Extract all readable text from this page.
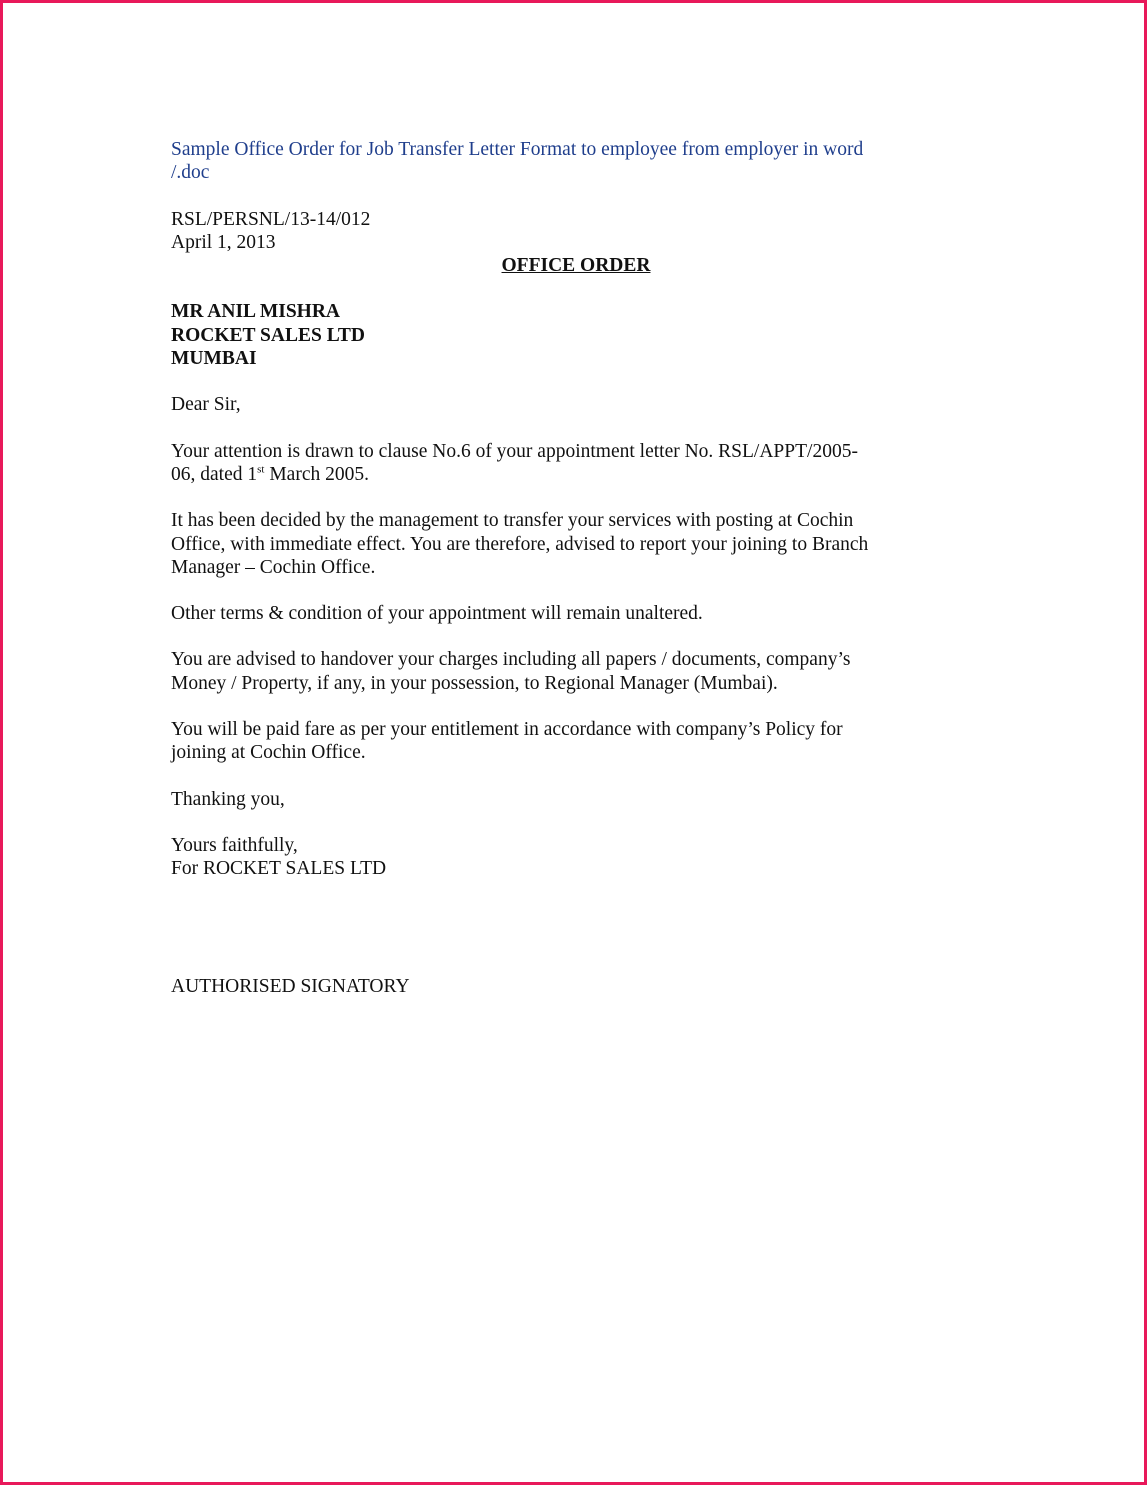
Sample Office Order for Job Transfer Letter Format to employee from employer in word
/.doc
RSL/PERSNL/13-14/012
April 1, 2013
OFFICE ORDER
MR ANIL MISHRA
ROCKET SALES LTD
MUMBAI
Dear Sir,
Your attention is drawn to clause No.6 of your appointment letter No. RSL/APPT/2005-
06, dated 1st March 2005.
It has been decided by the management to transfer your services with posting at Cochin
Office, with immediate effect. You are therefore, advised to report your joining to Branch
Manager – Cochin Office.
Other terms & condition of your appointment will remain unaltered.
You are advised to handover your charges including all papers / documents, company’s
Money / Property, if any, in your possession, to Regional Manager (Mumbai).
You will be paid fare as per your entitlement in accordance with company’s Policy for
joining at Cochin Office.
Thanking you,
Yours faithfully,
For ROCKET SALES LTD
AUTHORISED SIGNATORY
